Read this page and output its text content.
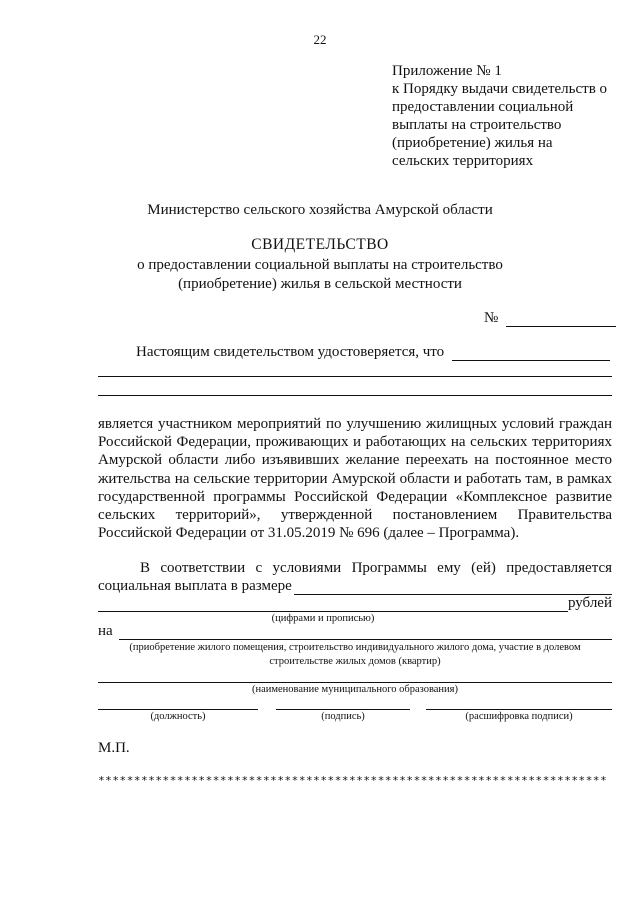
22
Приложение № 1
к Порядку выдачи свидетельств о
предоставлении социальной
выплаты на строительство
(приобретение) жилья на
сельских территориях
Министерство сельского хозяйства Амурской области
СВИДЕТЕЛЬСТВО
о предоставлении социальной выплаты на строительство
(приобретение) жилья в сельской местности
№
Настоящим свидетельством удостоверяется, что

является участником мероприятий по улучшению жилищных условий граждан Российской Федерации, проживающих и работающих на сельских территориях Амурской области либо изъявивших желание переехать на постоянное место жительства на сельские территории Амурской области и работать там, в рамках государственной программы Российской Федерации «Комплексное развитие сельских территорий», утвержденной постановлением Правительства Российской Федерации от 31.05.2019 № 696 (далее – Программа).

В соответствии с условиями Программы ему (ей) предоставляется
социальная выплата в размере
рублей
(цифрами и прописью)
на
(приобретение жилого помещения, строительство индивидуального жилого дома, участие в долевом
строительстве жилых домов (квартир)
(наименование муниципального образования)
(должность)	(подпись)	(расшифровка подписи)
М.П.
***********************************************************************
